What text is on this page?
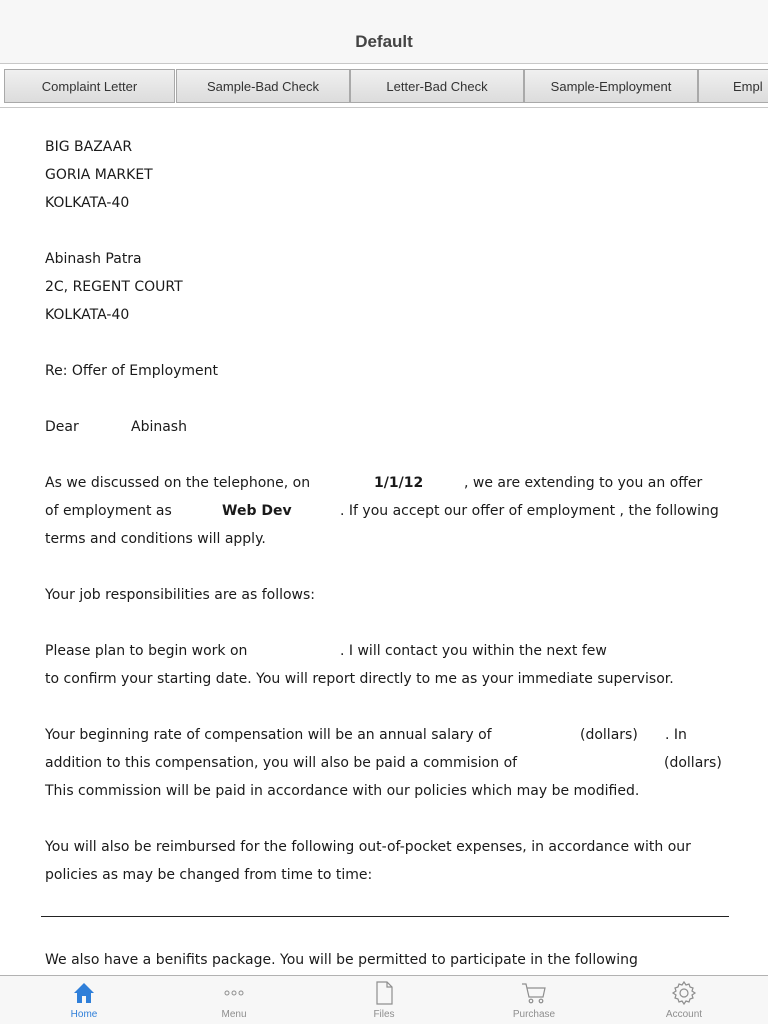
Default
Complaint Letter	Sample-Bad Check	Letter-Bad Check	Sample-Employment	Empl
BIG BAZAAR
GORIA MARKET
KOLKATA-40
Abinash Patra
2C, REGENT COURT
KOLKATA-40
Re: Offer of Employment
Dear	Abinash
As we discussed on the telephone, on	1/1/12	, we are extending to you an offer
of employment as	Web Dev	. If you accept our offer of employment , the following
terms and conditions will apply.
Your job responsibilities are as follows:
Please plan to begin work on	. I will contact you within the next few
to confirm your starting date. You will report directly to me as your immediate supervisor.
Your beginning rate of compensation will be an annual salary of	(dollars) . In
addition to this compensation, you will also be paid a commision of	(dollars)
This commission will be paid in accordance with our policies which may be modified.
You will also be reimbursed for the following out-of-pocket expenses, in accordance with our
policies as may be changed from time to time:
We also have a benifits package. You will be permitted to participate in the following
Home	Menu	Files	Purchase	Account
